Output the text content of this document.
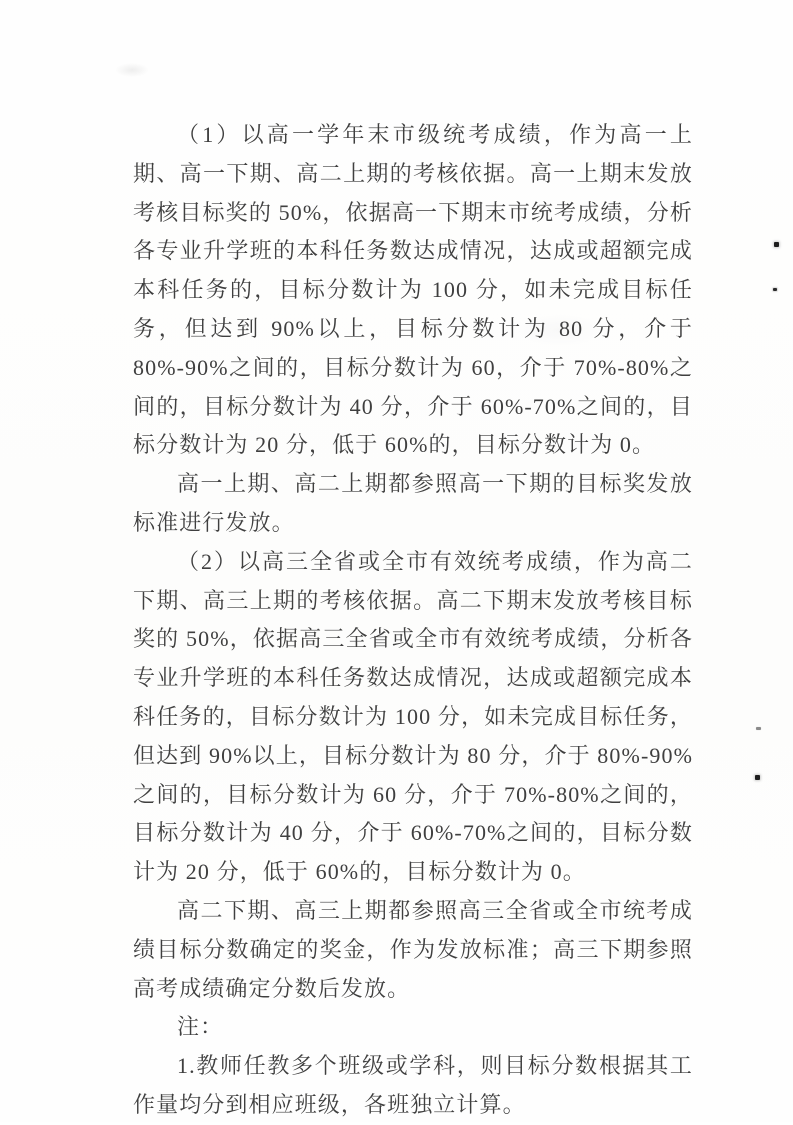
（1）以高一学年末市级统考成绩，作为高一上期、高一下期、高二上期的考核依据。高一上期末发放考核目标奖的 50%，依据高一下期末市统考成绩，分析各专业升学班的本科任务数达成情况，达成或超额完成本科任务的，目标分数计为 100 分，如未完成目标任务，但达到 90%以上，目标分数计为 80 分，介于 80%-90%之间的，目标分数计为 60，介于 70%-80%之间的，目标分数计为 40 分，介于 60%-70%之间的，目标分数计为 20 分，低于 60%的，目标分数计为 0。

高一上期、高二上期都参照高一下期的目标奖发放标准进行发放。

（2）以高三全省或全市有效统考成绩，作为高二下期、高三上期的考核依据。高二下期末发放考核目标奖的 50%，依据高三全省或全市有效统考成绩，分析各专业升学班的本科任务数达成情况，达成或超额完成本科任务的，目标分数计为 100 分，如未完成目标任务，但达到 90%以上，目标分数计为 80 分，介于 80%-90%之间的，目标分数计为 60 分，介于 70%-80%之间的，目标分数计为 40 分，介于 60%-70%之间的，目标分数计为 20 分，低于 60%的，目标分数计为 0。

高二下期、高三上期都参照高三全省或全市统考成绩目标分数确定的奖金，作为发放标准；高三下期参照高考成绩确定分数后发放。

注：

1.教师任教多个班级或学科，则目标分数根据其工作量均分到相应班级，各班独立计算。
